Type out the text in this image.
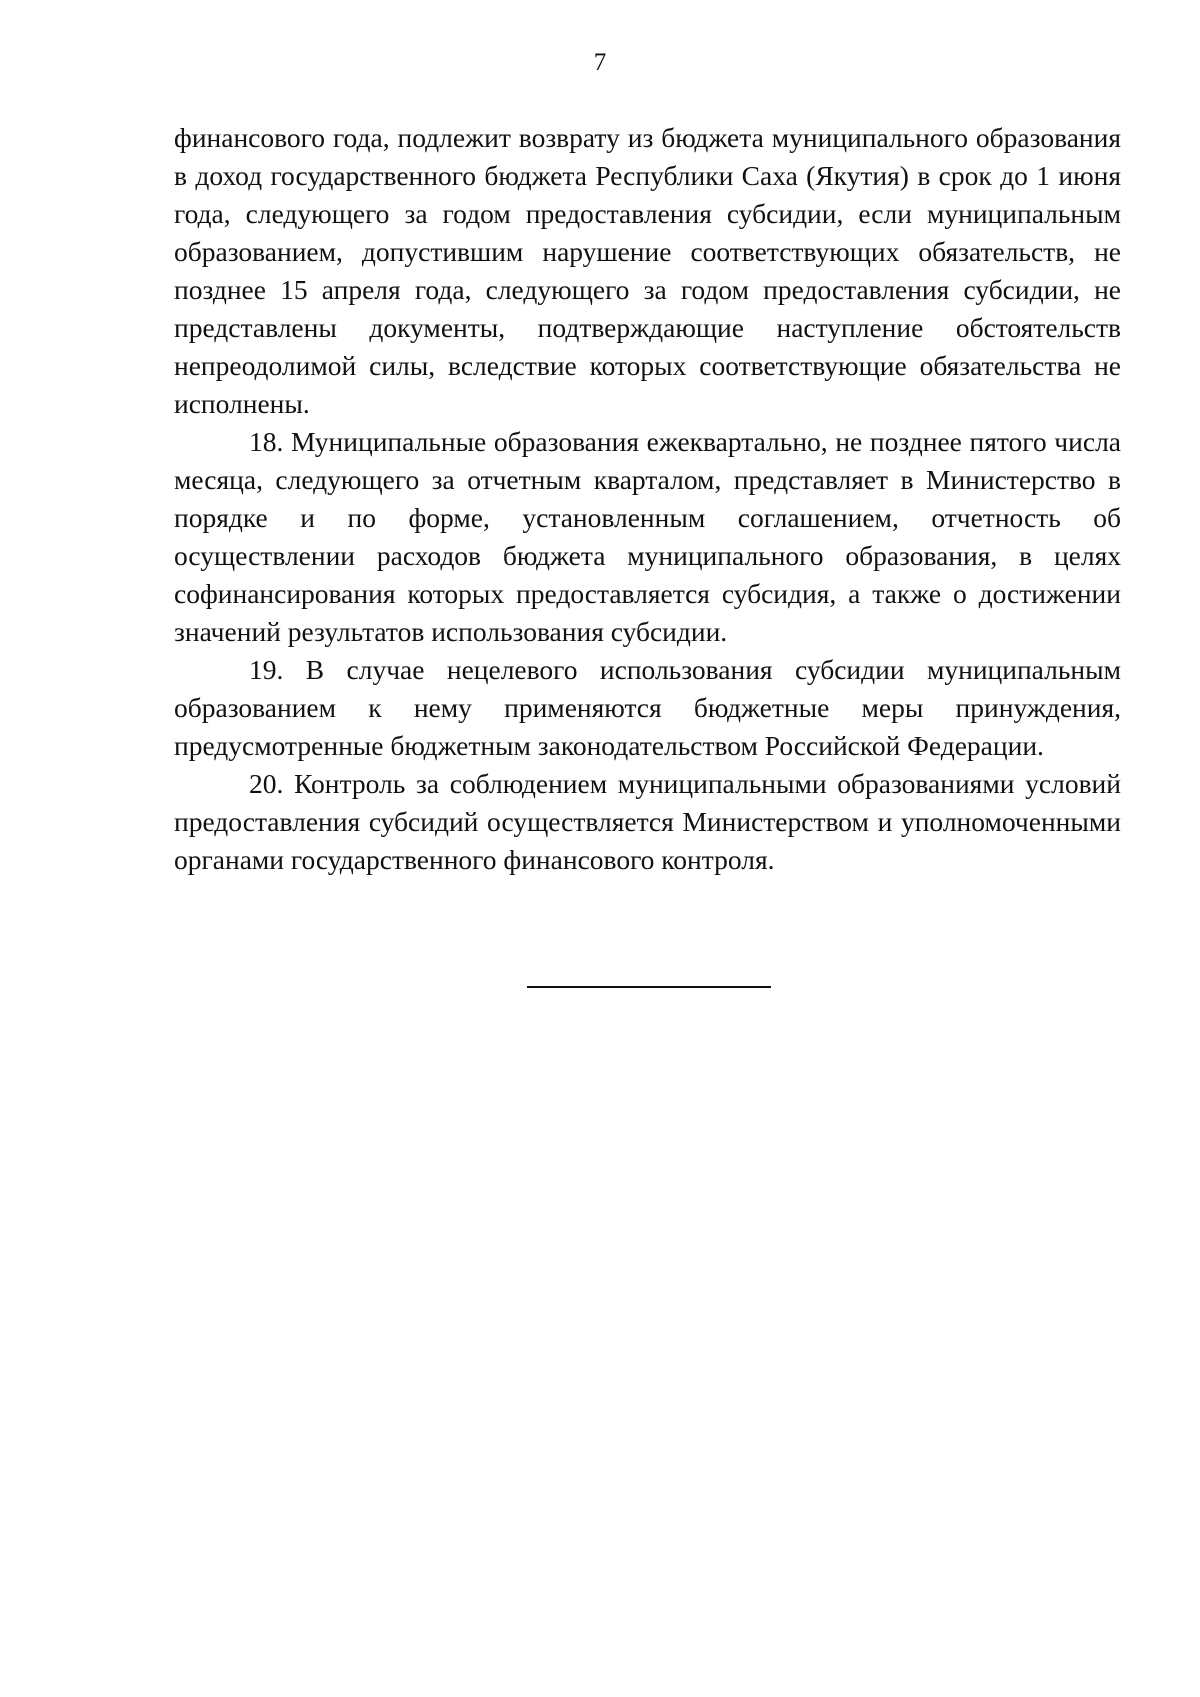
7

финансового года, подлежит возврату из бюджета муниципального образования в доход государственного бюджета Республики Саха (Якутия) в срок до 1 июня года, следующего за годом предоставления субсидии, если муниципальным образованием, допустившим нарушение соответствующих обязательств, не позднее 15 апреля года, следующего за годом предоставления субсидии, не представлены документы, подтверждающие наступление обстоятельств непреодолимой силы, вследствие которых соответствующие обязательства не исполнены.

18. Муниципальные образования ежеквартально, не позднее пятого числа месяца, следующего за отчетным кварталом, представляет в Министерство в порядке и по форме, установленным соглашением, отчетность об осуществлении расходов бюджета муниципального образования, в целях софинансирования которых предоставляется субсидия, а также о достижении значений результатов использования субсидии.

19. В случае нецелевого использования субсидии муниципальным образованием к нему применяются бюджетные меры принуждения, предусмотренные бюджетным законодательством Российской Федерации.

20. Контроль за соблюдением муниципальными образованиями условий предоставления субсидий осуществляется Министерством и уполномоченными органами государственного финансового контроля.
